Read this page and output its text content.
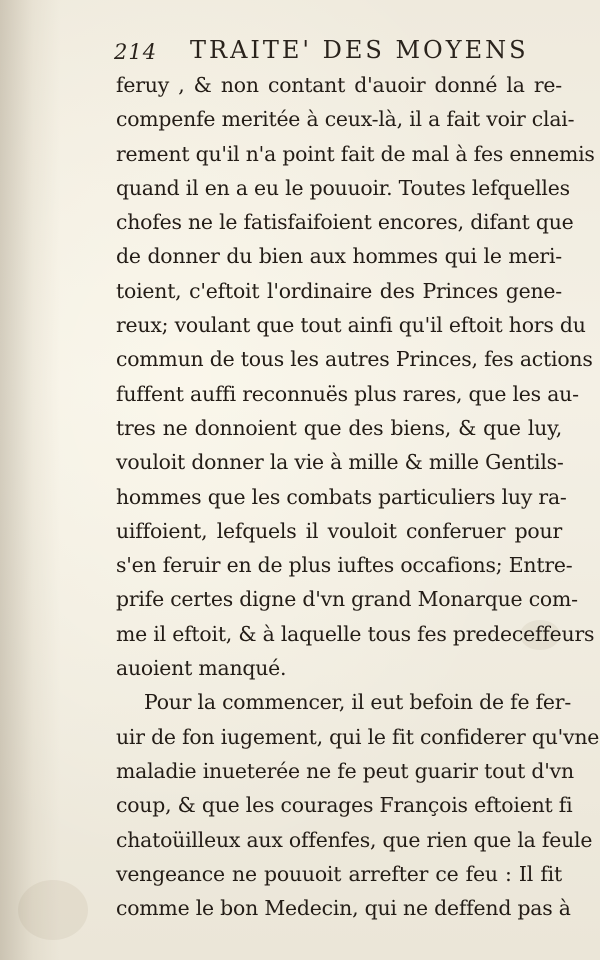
214 TRAITE' DES MOYENS
feruy , & non contant d'auoir donné la re-
compenfe meritée à ceux-là, il a fait voir clai-
rement qu'il n'a point fait de mal à fes ennemis
quand il en a eu le pouuoir. Toutes lefquelles
chofes ne le fatisfaifoient encores, difant que
de donner du bien aux hommes qui le meri-
toient, c'eftoit l'ordinaire des Princes gene-
reux; voulant que tout ainfi qu'il eftoit hors du
commun de tous les autres Princes, fes actions
fuffent auffi reconnuës plus rares, que les au-
tres ne donnoient que des biens, & que luy,
vouloit donner la vie à mille & mille Gentils-
hommes que les combats particuliers luy ra-
uiffoient, lefquels il vouloit conferuer pour
s'en feruir en de plus iuftes occafions; Entre-
prife certes digne d'vn grand Monarque com-
me il eftoit, & à laquelle tous fes predeceffeurs
auoient manqué.
Pour la commencer, il eut befoin de fe fer-
uir de fon iugement, qui le fit confiderer qu'vne
maladie inueterée ne fe peut guarir tout d'vn
coup, & que les courages François eftoient fi
chatoüilleux aux offenfes, que rien que la feule
vengeance ne pouuoit arrefter ce feu : Il fit
comme le bon Medecin, qui ne deffend pas à
